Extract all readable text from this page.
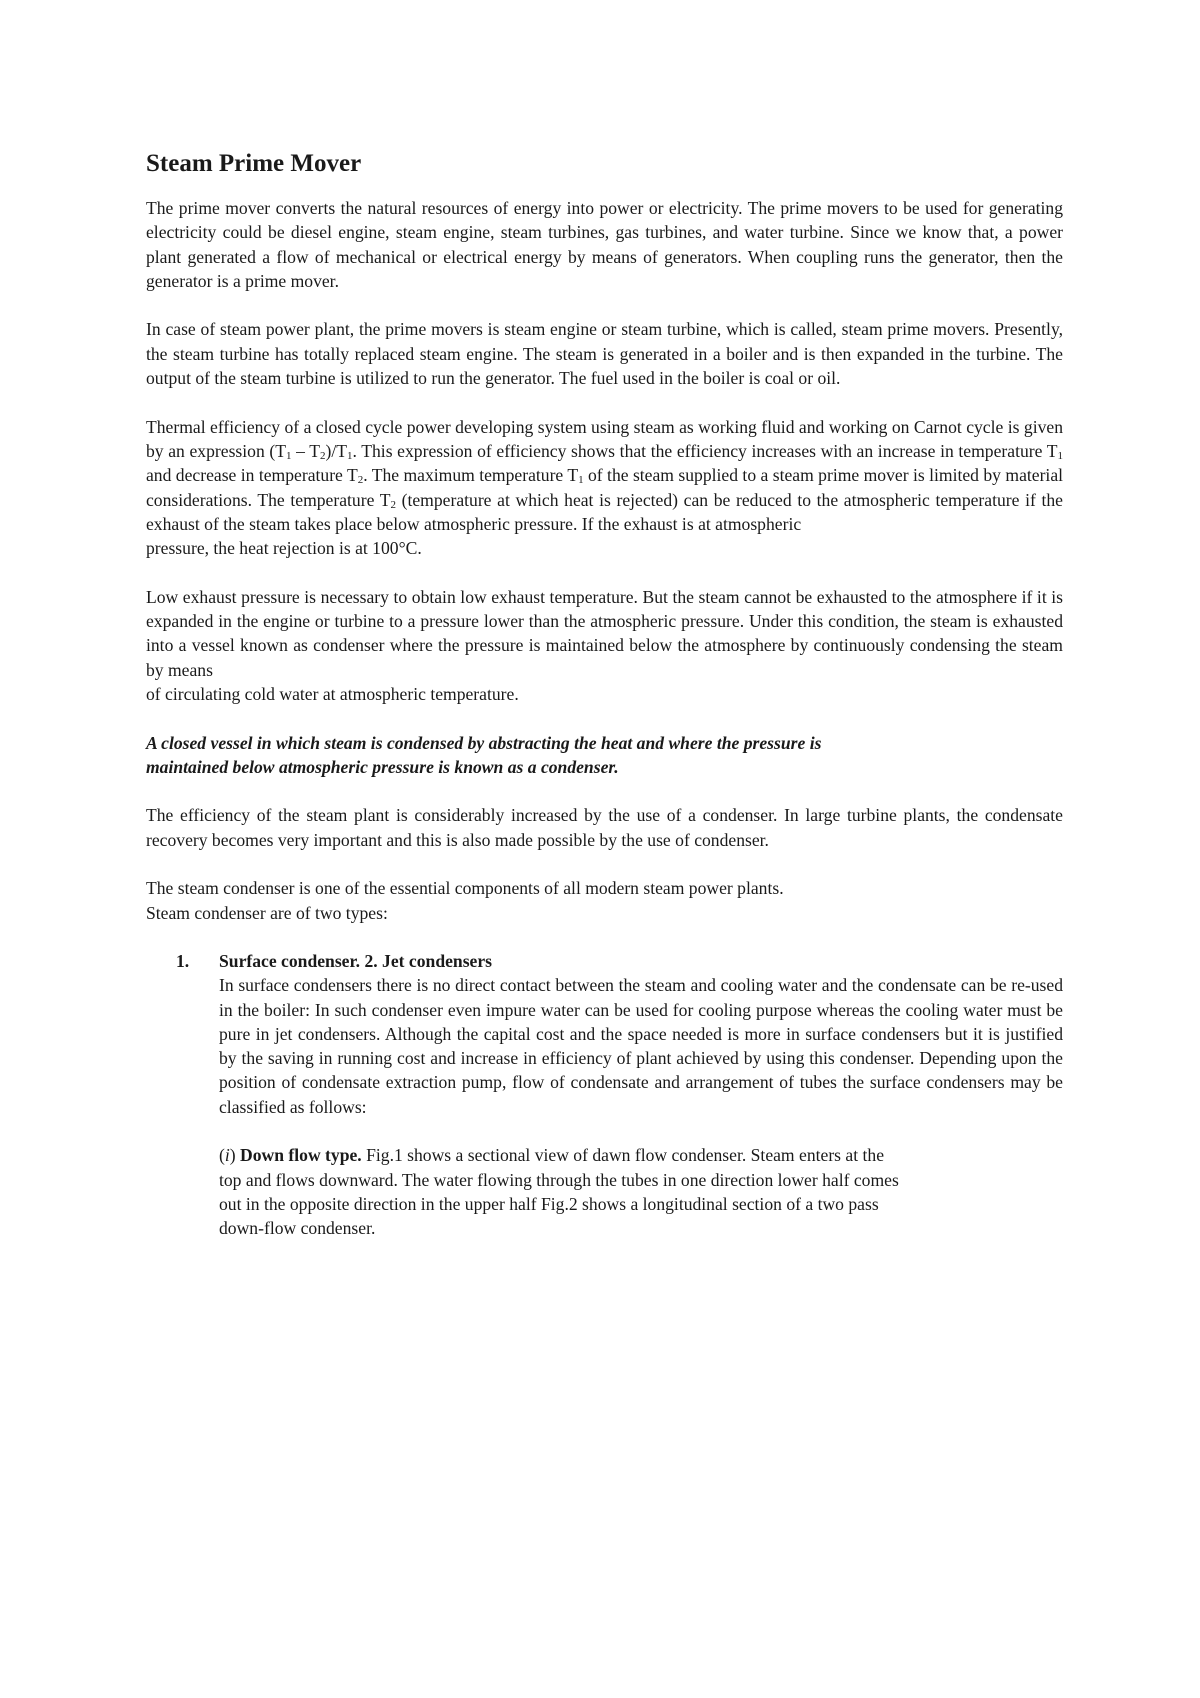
Steam Prime Mover

The prime mover converts the natural resources of energy into power or electricity. The prime movers to be used for generating electricity could be diesel engine, steam engine, steam turbines, gas turbines, and water turbine. Since we know that, a power plant generated a flow of mechanical or electrical energy by means of generators. When coupling runs the generator, then the generator is a prime mover.

In case of steam power plant, the prime movers is steam engine or steam turbine, which is called, steam prime movers. Presently, the steam turbine has totally replaced steam engine. The steam is generated in a boiler and is then expanded in the turbine. The output of the steam turbine is utilized to run the generator. The fuel used in the boiler is coal or oil.

Thermal efficiency of a closed cycle power developing system using steam as working fluid and working on Carnot cycle is given by an expression (T1 – T2)/T1. This expression of efficiency shows that the efficiency increases with an increase in temperature T1 and decrease in temperature T2. The maximum temperature T1 of the steam supplied to a steam prime mover is limited by material considerations. The temperature T2 (temperature at which heat is rejected) can be reduced to the atmospheric temperature if the exhaust of the steam takes place below atmospheric pressure. If the exhaust is at atmospheric

pressure, the heat rejection is at 100°C.

Low exhaust pressure is necessary to obtain low exhaust temperature. But the steam cannot be exhausted to the atmosphere if it is expanded in the engine or turbine to a pressure lower than the atmospheric pressure. Under this condition, the steam is exhausted into a vessel known as condenser where the pressure is maintained below the atmosphere by continuously condensing the steam by means

of circulating cold water at atmospheric temperature.

A closed vessel in which steam is condensed by abstracting the heat and where the pressure is

maintained below atmospheric pressure is known as a condenser.

The efficiency of the steam plant is considerably increased by the use of a condenser. In large turbine plants, the condensate recovery becomes very important and this is also made possible by the use of condenser.

The steam condenser is one of the essential components of all modern steam power plants.

Steam condenser are of two types:

1. Surface condenser. 2. Jet condensers

In surface condensers there is no direct contact between the steam and cooling water and the condensate can be re-used in the boiler: In such condenser even impure water can be used for cooling purpose whereas the cooling water must be pure in jet condensers. Although the capital cost and the space needed is more in surface condensers but it is justified by the saving in running cost and increase in efficiency of plant achieved by using this condenser. Depending upon the position of condensate extraction pump, flow of condensate and arrangement of tubes the surface condensers may be classified as follows:

(i) Down flow type. Fig.1 shows a sectional view of dawn flow condenser. Steam enters at the

top and flows downward. The water flowing through the tubes in one direction lower half comes

out in the opposite direction in the upper half Fig.2 shows a longitudinal section of a two pass

down-flow condenser.
